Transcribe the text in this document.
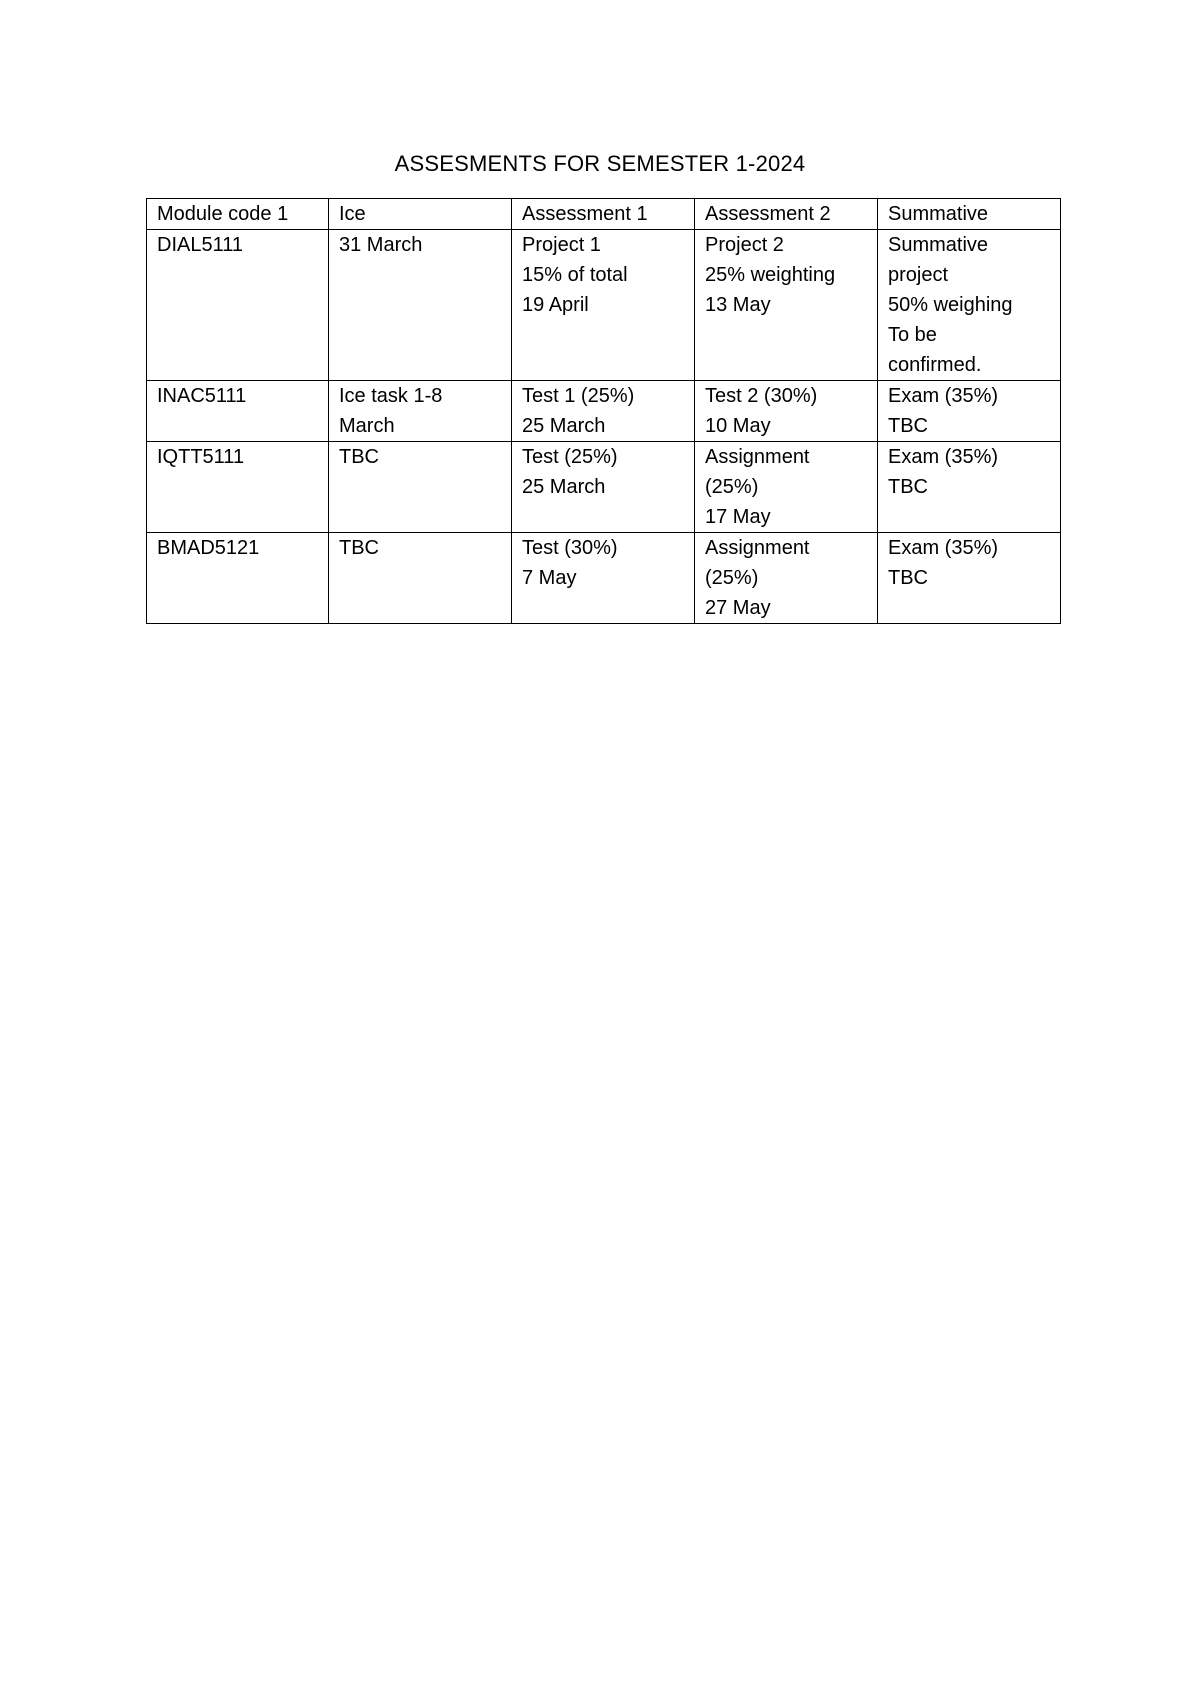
ASSESMENTS FOR SEMESTER 1-2024
Module code 1	Ice	Assessment 1	Assessment 2	Summative

DIAL5111	31 March	Project 1
15% of total
19 April	Project 2
25% weighting
13 May	Summative
project
50% weighing
To be
confirmed.

INAC5111	Ice task 1-8
March	Test 1 (25%)
25 March	Test 2 (30%)
10 May	Exam (35%)
TBC

IQTT5111	TBC	Test (25%)
25 March	Assignment
(25%)
17 May	Exam (35%)
TBC

BMAD5121	TBC	Test (30%)
7 May	Assignment
(25%)
27 May	Exam (35%)
TBC
